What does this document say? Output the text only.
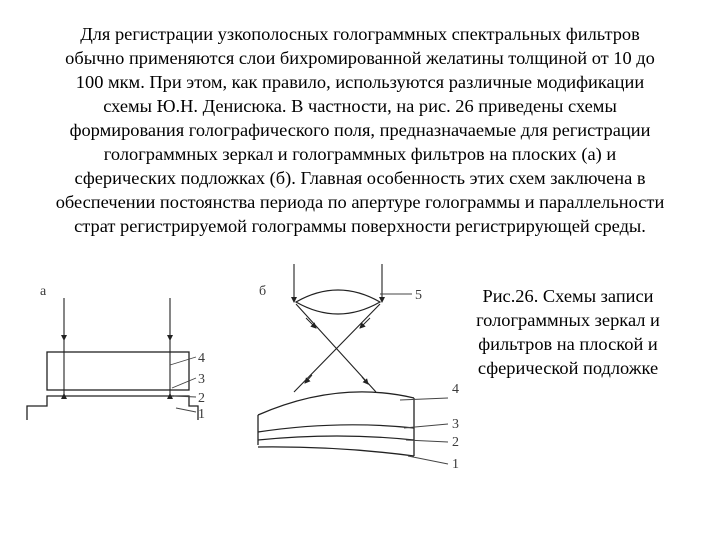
Для регистрации узкополосных голограммных спектральных фильтров
обычно применяются слои бихромированной желатины толщиной от 10 до
100 мкм. При этом, как правило, используются различные модификации
схемы Ю.Н. Денисюка. В частности, на рис. 26 приведены схемы
формирования голографического поля, предназначаемые для регистрации
голограммных зеркал и голограммных фильтров на плоских (а) и
сферических подложках (б). Главная особенность этих схем заключена в
обеспечении постоянства периода по апертуре голограммы и параллельности
страт регистрируемой голограммы поверхности регистрирующей среды.
а
4
3
2
1
б	5
4
3
2
1
Рис.26. Схемы записи
голограммных зеркал и
фильтров на плоской и
сферической подложке
